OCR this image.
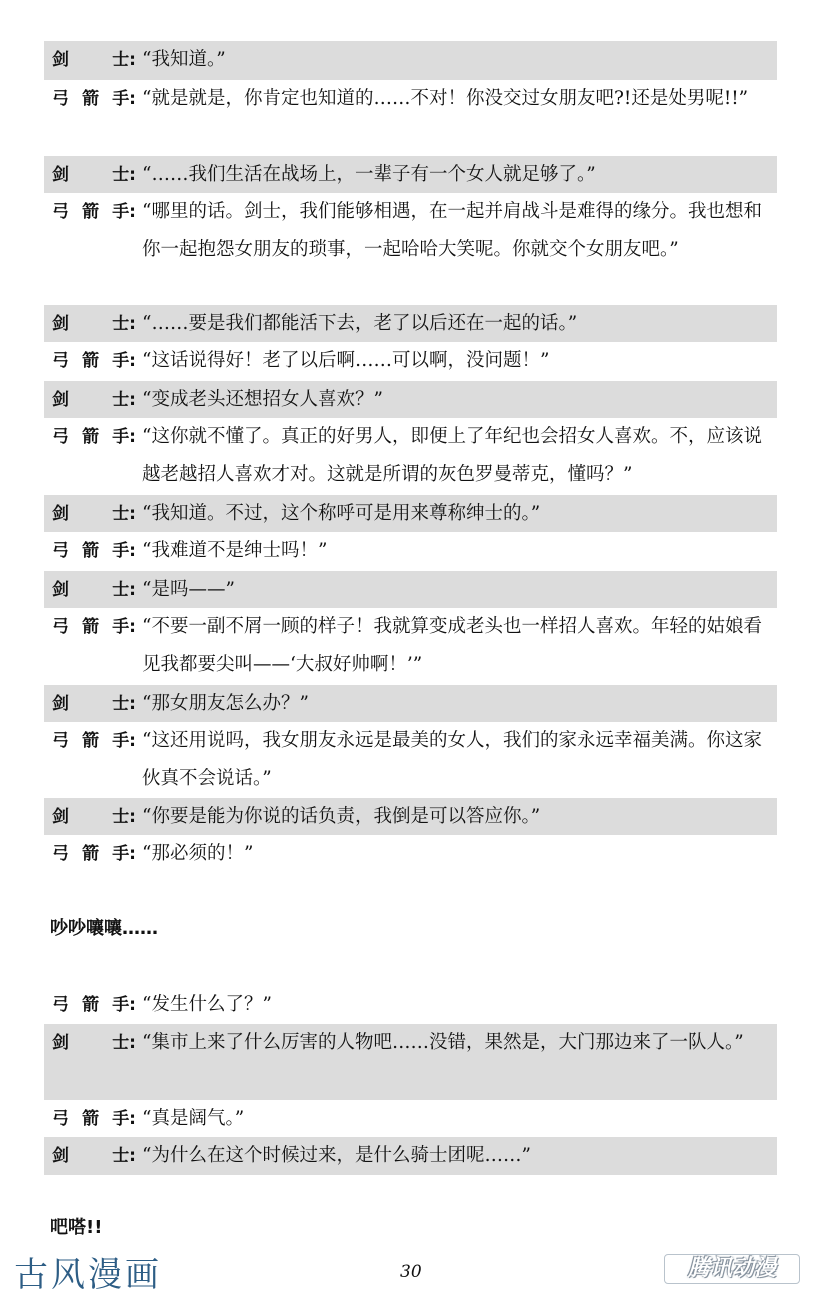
剑	士: “我知道。”
弓 箭 手: “就是就是，你肯定也知道的……不对！你没交过女朋友吧?!还是处男呢!!”
剑	士: “……我们生活在战场上，一辈子有一个女人就足够了。”
弓 箭 手: “哪里的话。剑士，我们能够相遇，在一起并肩战斗是难得的缘分。我也想和你一起抱怨女朋友的琐事，一起哈哈大笑呢。你就交个女朋友吧。”
剑	士: “……要是我们都能活下去，老了以后还在一起的话。”
弓 箭 手: “这话说得好！老了以后啊……可以啊，没问题！”
剑	士: “变成老头还想招女人喜欢？”
弓 箭 手: “这你就不懂了。真正的好男人，即便上了年纪也会招女人喜欢。不，应该说越老越招人喜欢才对。这就是所谓的灰色罗曼蒂克，懂吗？”
剑	士: “我知道。不过，这个称呼可是用来尊称绅士的。”
弓 箭 手: “我难道不是绅士吗！”
剑	士: “是吗——”
弓 箭 手: “不要一副不屑一顾的样子！我就算变成老头也一样招人喜欢。年轻的姑娘看见我都要尖叫——‘大叔好帅啊！’”
剑	士: “那女朋友怎么办？”
弓 箭 手: “这还用说吗，我女朋友永远是最美的女人，我们的家永远幸福美满。你这家伙真不会说话。”
剑	士: “你要是能为你说的话负责，我倒是可以答应你。”
弓 箭 手: “那必须的！”
吵吵嚷嚷……
弓 箭 手: “发生什么了？”
剑	士: “集市上来了什么厉害的人物吧……没错，果然是，大门那边来了一队人。”
弓 箭 手: “真是阔气。”
剑	士: “为什么在这个时候过来，是什么骑士团呢……”
吧嗒!!
30
古风漫画	腾讯动漫
